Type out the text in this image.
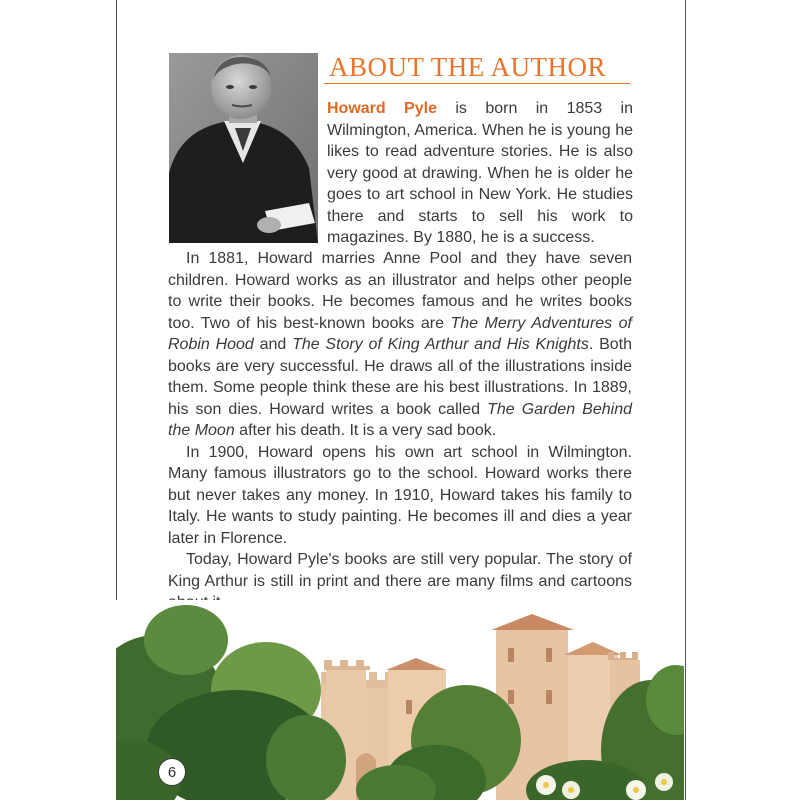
ABOUT THE AUTHOR

Howard Pyle is born in 1853 in Wilmington, America. When he is young he likes to read adventure stories. He is also very good at drawing. When he is older he goes to art school in New York. He studies there and starts to sell his work to magazines. By 1880, he is a success.

In 1881, Howard marries Anne Pool and they have seven children. Howard works as an illustrator and helps other people to write their books. He becomes famous and he writes books too. Two of his best-known books are The Merry Adventures of Robin Hood and The Story of King Arthur and His Knights. Both books are very successful. He draws all of the illustrations inside them. Some people think these are his best illustrations. In 1889, his son dies. Howard writes a book called The Garden Behind the Moon after his death. It is a very sad book.

In 1900, Howard opens his own art school in Wilmington. Many famous illustrators go to the school. Howard works there but never takes any money. In 1910, Howard takes his family to Italy. He wants to study painting. He becomes ill and dies a year later in Florence.

Today, Howard Pyle's books are still very popular. The story of King Arthur is still in print and there are many films and cartoons

6
